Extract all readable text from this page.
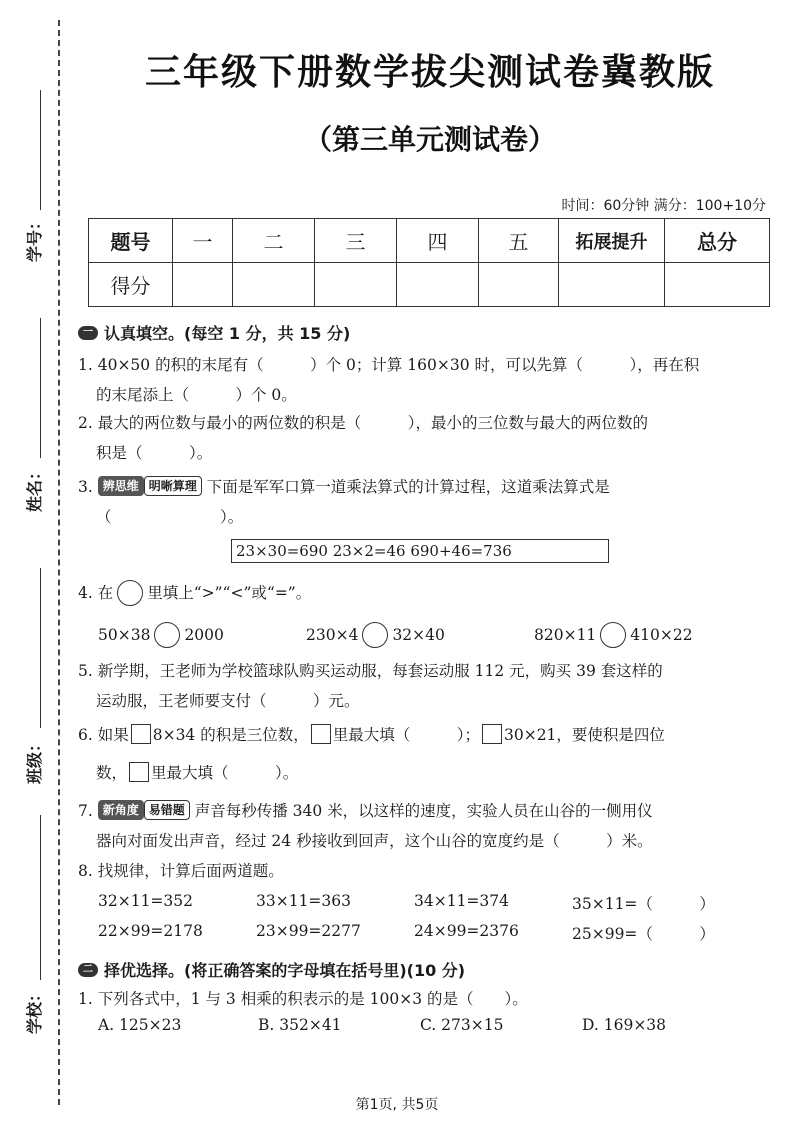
学号：
姓名：
班级：
学校：
三年级下册数学拔尖测试卷冀教版
（第三单元测试卷）
时间：60分钟 满分：100+10分
题号	一	二	三	四	五	拓展提升	总分
得分							
一 认真填空。(每空 1 分，共 15 分)
1. 40×50 的积的末尾有（　　　）个 0；计算 160×30 时，可以先算（　　　），再在积
的末尾添上（　　　）个 0。
2. 最大的两位数与最小的两位数的积是（　　　），最小的三位数与最大的两位数的
积是（　　　）。
3. 辨思维 明晰算理 下面是军军口算一道乘法算式的计算过程，这道乘法算式是
（　　　　　　　）。
23×30=690 23×2=46 690+46=736
4. 在 里填上“>”“<”或“=”。
50×38 2000	230×4 32×40	820×11 410×22
5. 新学期，王老师为学校篮球队购买运动服，每套运动服 112 元，购买 39 套这样的
运动服，王老师要支付（　　　）元。
6. 如果 8×34 的积是三位数， 里最大填（　　　）； 30×21，要使积是四位
数， 里最大填（　　　）。
7. 新角度 易错题 声音每秒传播 340 米，以这样的速度，实验人员在山谷的一侧用仪
器向对面发出声音，经过 24 秒接收到回声，这个山谷的宽度约是（　　　）米。
8. 找规律，计算后面两道题。
32×11=352	33×11=363	34×11=374	35×11=（　　　）
22×99=2178	23×99=2277	24×99=2376	25×99=（　　　）
二 择优选择。(将正确答案的字母填在括号里)(10 分)
1. 下列各式中，1 与 3 相乘的积表示的是 100×3 的是（　　）。
A. 125×23	B. 352×41	C. 273×15	D. 169×38
第1页, 共5页
